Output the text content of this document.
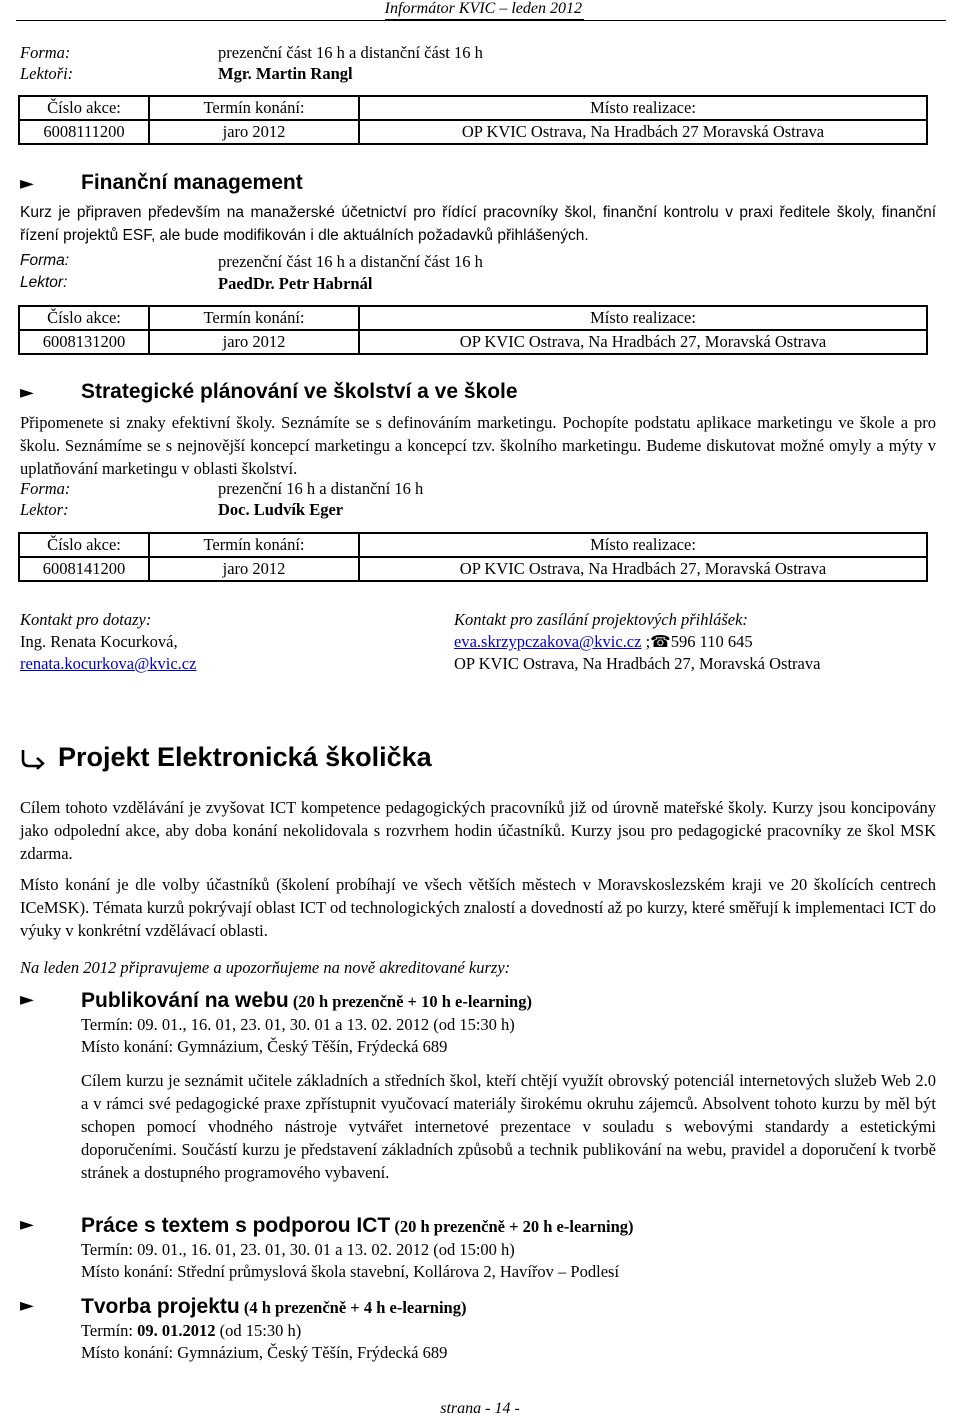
Informátor KVIC – leden 2012
Forma:	prezenční část 16 h a distanční část 16 h
Lektoři:	Mgr. Martin Rangl
Číslo akce:	Termín konání:	Místo realizace:
6008111200	jaro 2012	OP KVIC Ostrava, Na Hradbách 27 Moravská Ostrava
► Finanční management
Kurz je připraven především na manažerské účetnictví pro řídící pracovníky škol, finanční kontrolu v praxi ředitele školy, finanční řízení projektů ESF, ale bude modifikován i dle aktuálních požadavků přihlášených.
Forma:	prezenční část 16 h a distanční část 16 h
Lektor:	PaedDr. Petr Habrnál
Číslo akce:	Termín konání:	Místo realizace:
6008131200	jaro 2012	OP KVIC Ostrava, Na Hradbách 27, Moravská Ostrava
► Strategické plánování ve školství a ve škole
Připomenete si znaky efektivní školy. Seznámíte se s definováním marketingu. Pochopíte podstatu aplikace marketingu ve škole a pro školu. Seznámíme se s nejnovější koncepcí marketingu a koncepcí tzv. školního marketingu. Budeme diskutovat možné omyly a mýty v uplatňování marketingu v oblasti školství.
Forma:	prezenční 16 h a distanční 16 h
Lektor:	Doc. Ludvík Eger
Číslo akce:	Termín konání:	Místo realizace:
6008141200	jaro 2012	OP KVIC Ostrava, Na Hradbách 27, Moravská Ostrava
Kontakt pro dotazy:
Ing. Renata Kocurková,
renata.kocurkova@kvic.cz
Kontakt pro zasílání projektových přihlášek:
eva.skrzypczakova@kvic.cz ;☎596 110 645
OP KVIC Ostrava, Na Hradbách 27, Moravská Ostrava
Projekt Elektronická školička
Cílem tohoto vzdělávání je zvyšovat ICT kompetence pedagogických pracovníků již od úrovně mateřské školy. Kurzy jsou koncipovány jako odpolední akce, aby doba konání nekolidovala s rozvrhem hodin účastníků. Kurzy jsou pro pedagogické pracovníky ze škol MSK zdarma.
Místo konání je dle volby účastníků (školení probíhají ve všech větších městech v Moravskoslezském kraji ve 20 školících centrech ICeMSK). Témata kurzů pokrývají oblast ICT od technologických znalostí a dovedností až po kurzy, které směřují k implementaci ICT do výuky v konkrétní vzdělávací oblasti.
Na leden 2012 připravujeme a upozorňujeme na nově akreditované kurzy:
► Publikování na webu (20 h prezenčně + 10 h e-learning)
Termín: 09. 01., 16. 01, 23. 01, 30. 01 a 13. 02. 2012 (od 15:30 h)
Místo konání: Gymnázium, Český Těšín, Frýdecká 689
Cílem kurzu je seznámit učitele základních a středních škol, kteří chtějí využít obrovský potenciál internetových služeb Web 2.0 a v rámci své pedagogické praxe zpřístupnit vyučovací materiály širokému okruhu zájemců. Absolvent tohoto kurzu by měl být schopen pomocí vhodného nástroje vytvářet internetové prezentace v souladu s webovými standardy a estetickými doporučeními. Součástí kurzu je představení základních způsobů a technik publikování na webu, pravidel a doporučení k tvorbě stránek a dostupného programového vybavení.
► Práce s textem s podporou ICT (20 h prezenčně + 20 h e-learning)
Termín: 09. 01., 16. 01, 23. 01, 30. 01 a 13. 02. 2012 (od 15:00 h)
Místo konání: Střední průmyslová škola stavební, Kollárova 2, Havířov – Podlesí
► Tvorba projektu (4 h prezenčně + 4 h e-learning)
Termín: 09. 01.2012 (od 15:30 h)
Místo konání: Gymnázium, Český Těšín, Frýdecká 689
strana - 14 -
